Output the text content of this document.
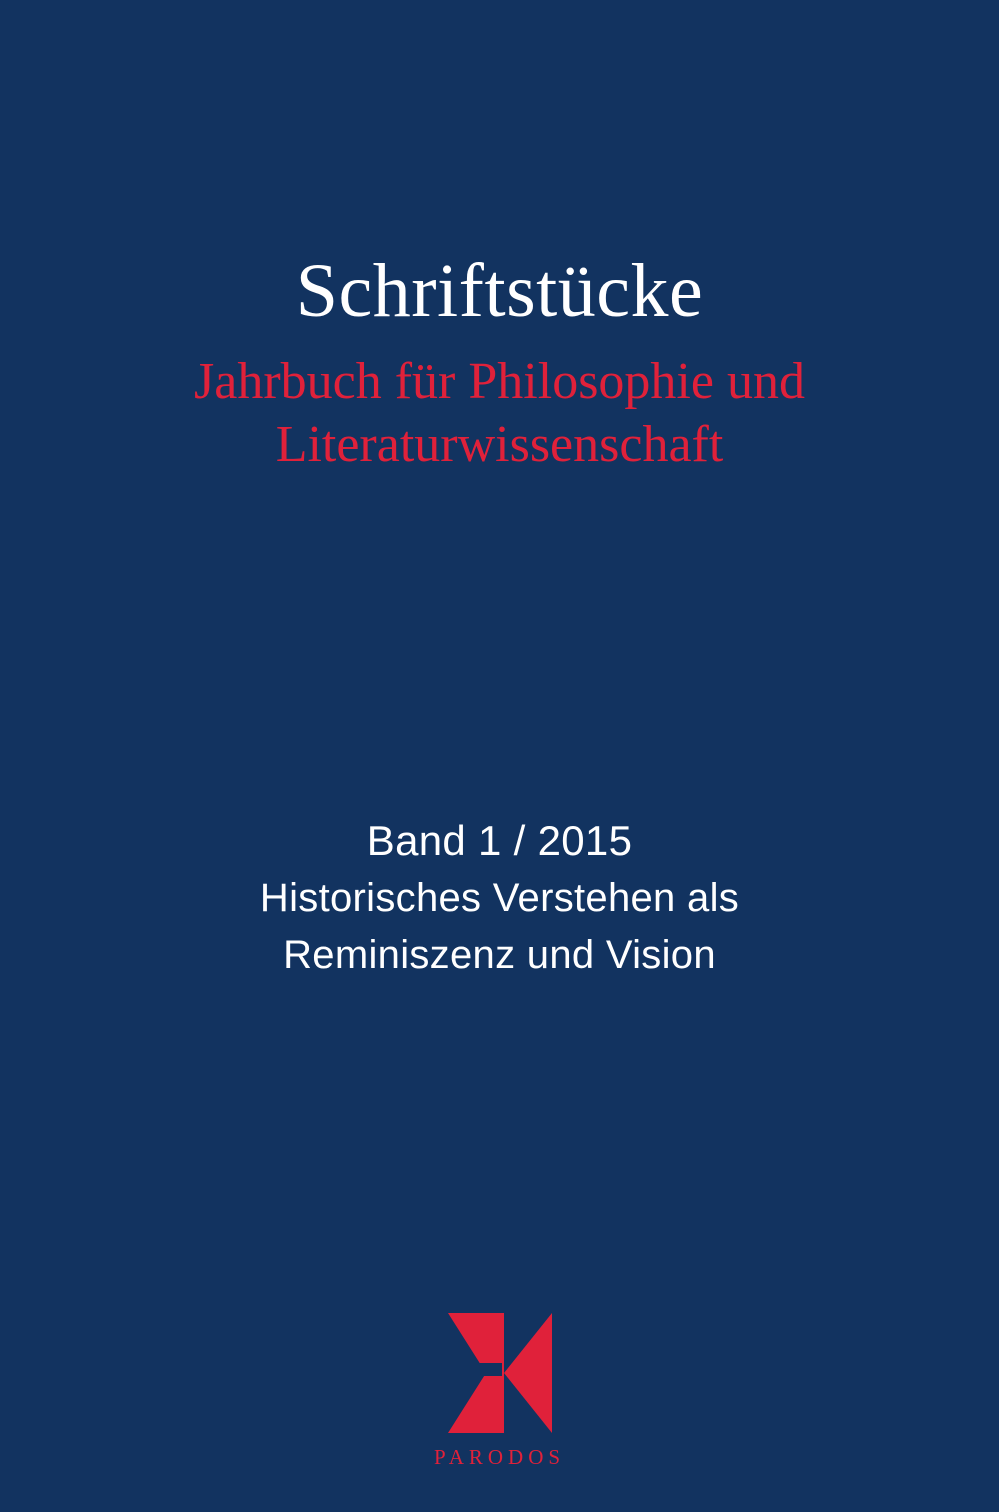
Schriftstücke
Jahrbuch für Philosophie und
Literaturwissenschaft
Band 1 / 2015
Historisches Verstehen als
Reminiszenz und Vision
PARODOS
